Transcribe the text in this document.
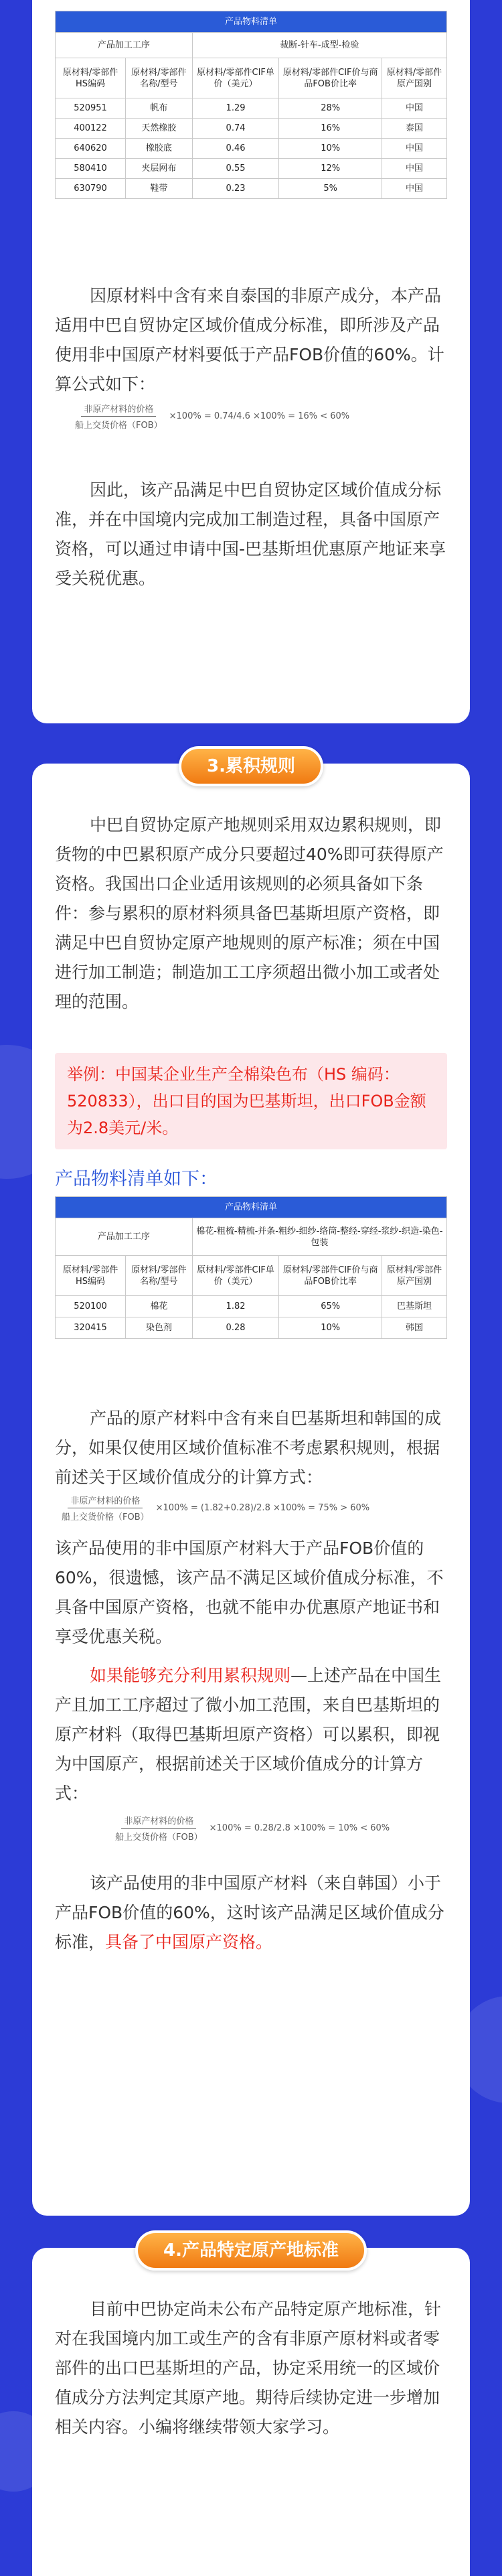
产品物料清单				
产品加工工序		裁断-针车-成型-检验		
原材料/零部件HS编码	原材料/零部件名称/型号	原材料/零部件CIF单价（美元）	原材料/零部件CIF价与商品FOB价比率	原材料/零部件原产国别
520951	帆布	1.29	28%	中国
400122	天然橡胶	0.74	16%	泰国
640620	橡胶底	0.46	10%	中国
580410	夹层网布	0.55	12%	中国
630790	鞋带	0.23	5%	中国

因原材料中含有来自泰国的非原产成分，本产品适用中巴自贸协定区域价值成分标准，即所涉及产品使用非中国原产材料要低于产品FOB价值的60%。计算公式如下：

$\frac{\text{非原产材料的价格}}{\text{船上交货价格（FOB）}} \times 100\% = 0.74/4.6 \times 100\% = 16\% < 60\%$

因此，该产品满足中巴自贸协定区域价值成分标准，并在中国境内完成加工制造过程，具备中国原产资格，可以通过申请中国-巴基斯坦优惠原产地证来享受关税优惠。

3.累积规则

中巴自贸协定原产地规则采用双边累积规则，即货物的中巴累积原产成分只要超过40%即可获得原产资格。我国出口企业适用该规则的必须具备如下条件：参与累积的原材料须具备巴基斯坦原产资格，即满足中巴自贸协定原产地规则的原产标准；须在中国进行加工制造；制造加工工序须超出微小加工或者处理的范围。

举例：中国某企业生产全棉染色布（HS 编码：520833），出口目的国为巴基斯坦，出口FOB金额为2.8美元/米。
产品物料清单如下：
产品物料清单				
产品加工工序		棉花-粗梳-精梳-并条-粗纱-细纱-络筒-整经-穿经-浆纱-织造-染色-包装		
原材料/零部件HS编码	原材料/零部件名称/型号	原材料/零部件CIF单价（美元）	原材料/零部件CIF价与商品FOB价比率	原材料/零部件原产国别
520100	棉花	1.82	65%	巴基斯坦
320415	染色剂	0.28	10%	韩国

产品的原产材料中含有来自巴基斯坦和韩国的成分，如果仅使用区域价值标准不考虑累积规则，根据前述关于区域价值成分的计算方式：

$\frac{\text{非原产材料的价格}}{\text{船上交货价格（FOB）}} \times 100\% = (1.82+0.28)/2.8 \times 100\% = 75\% > 60\%$

该产品使用的非中国原产材料大于产品FOB价值的60%，很遗憾，该产品不满足区域价值成分标准，不具备中国原产资格，也就不能申办优惠原产地证书和享受优惠关税。

如果能够充分利用累积规则—上述产品在中国生产且加工工序超过了微小加工范围，来自巴基斯坦的原产材料（取得巴基斯坦原产资格）可以累积，即视为中国原产，根据前述关于区域价值成分的计算方式：

$\frac{\text{非原产材料的价格}}{\text{船上交货价格（FOB）}} \times 100\% = 0.28/2.8 \times 100\% = 10\% < 60\%$

该产品使用的非中国原产材料（来自韩国）小于产品FOB价值的60%，这时该产品满足区域价值成分标准，具备了中国原产资格。

4.产品特定原产地标准

目前中巴协定尚未公布产品特定原产地标准，针对在我国境内加工或生产的含有非原产原材料或者零部件的出口巴基斯坦的产品，协定采用统一的区域价值成分方法判定其原产地。期待后续协定进一步增加相关内容。小编将继续带领大家学习。
